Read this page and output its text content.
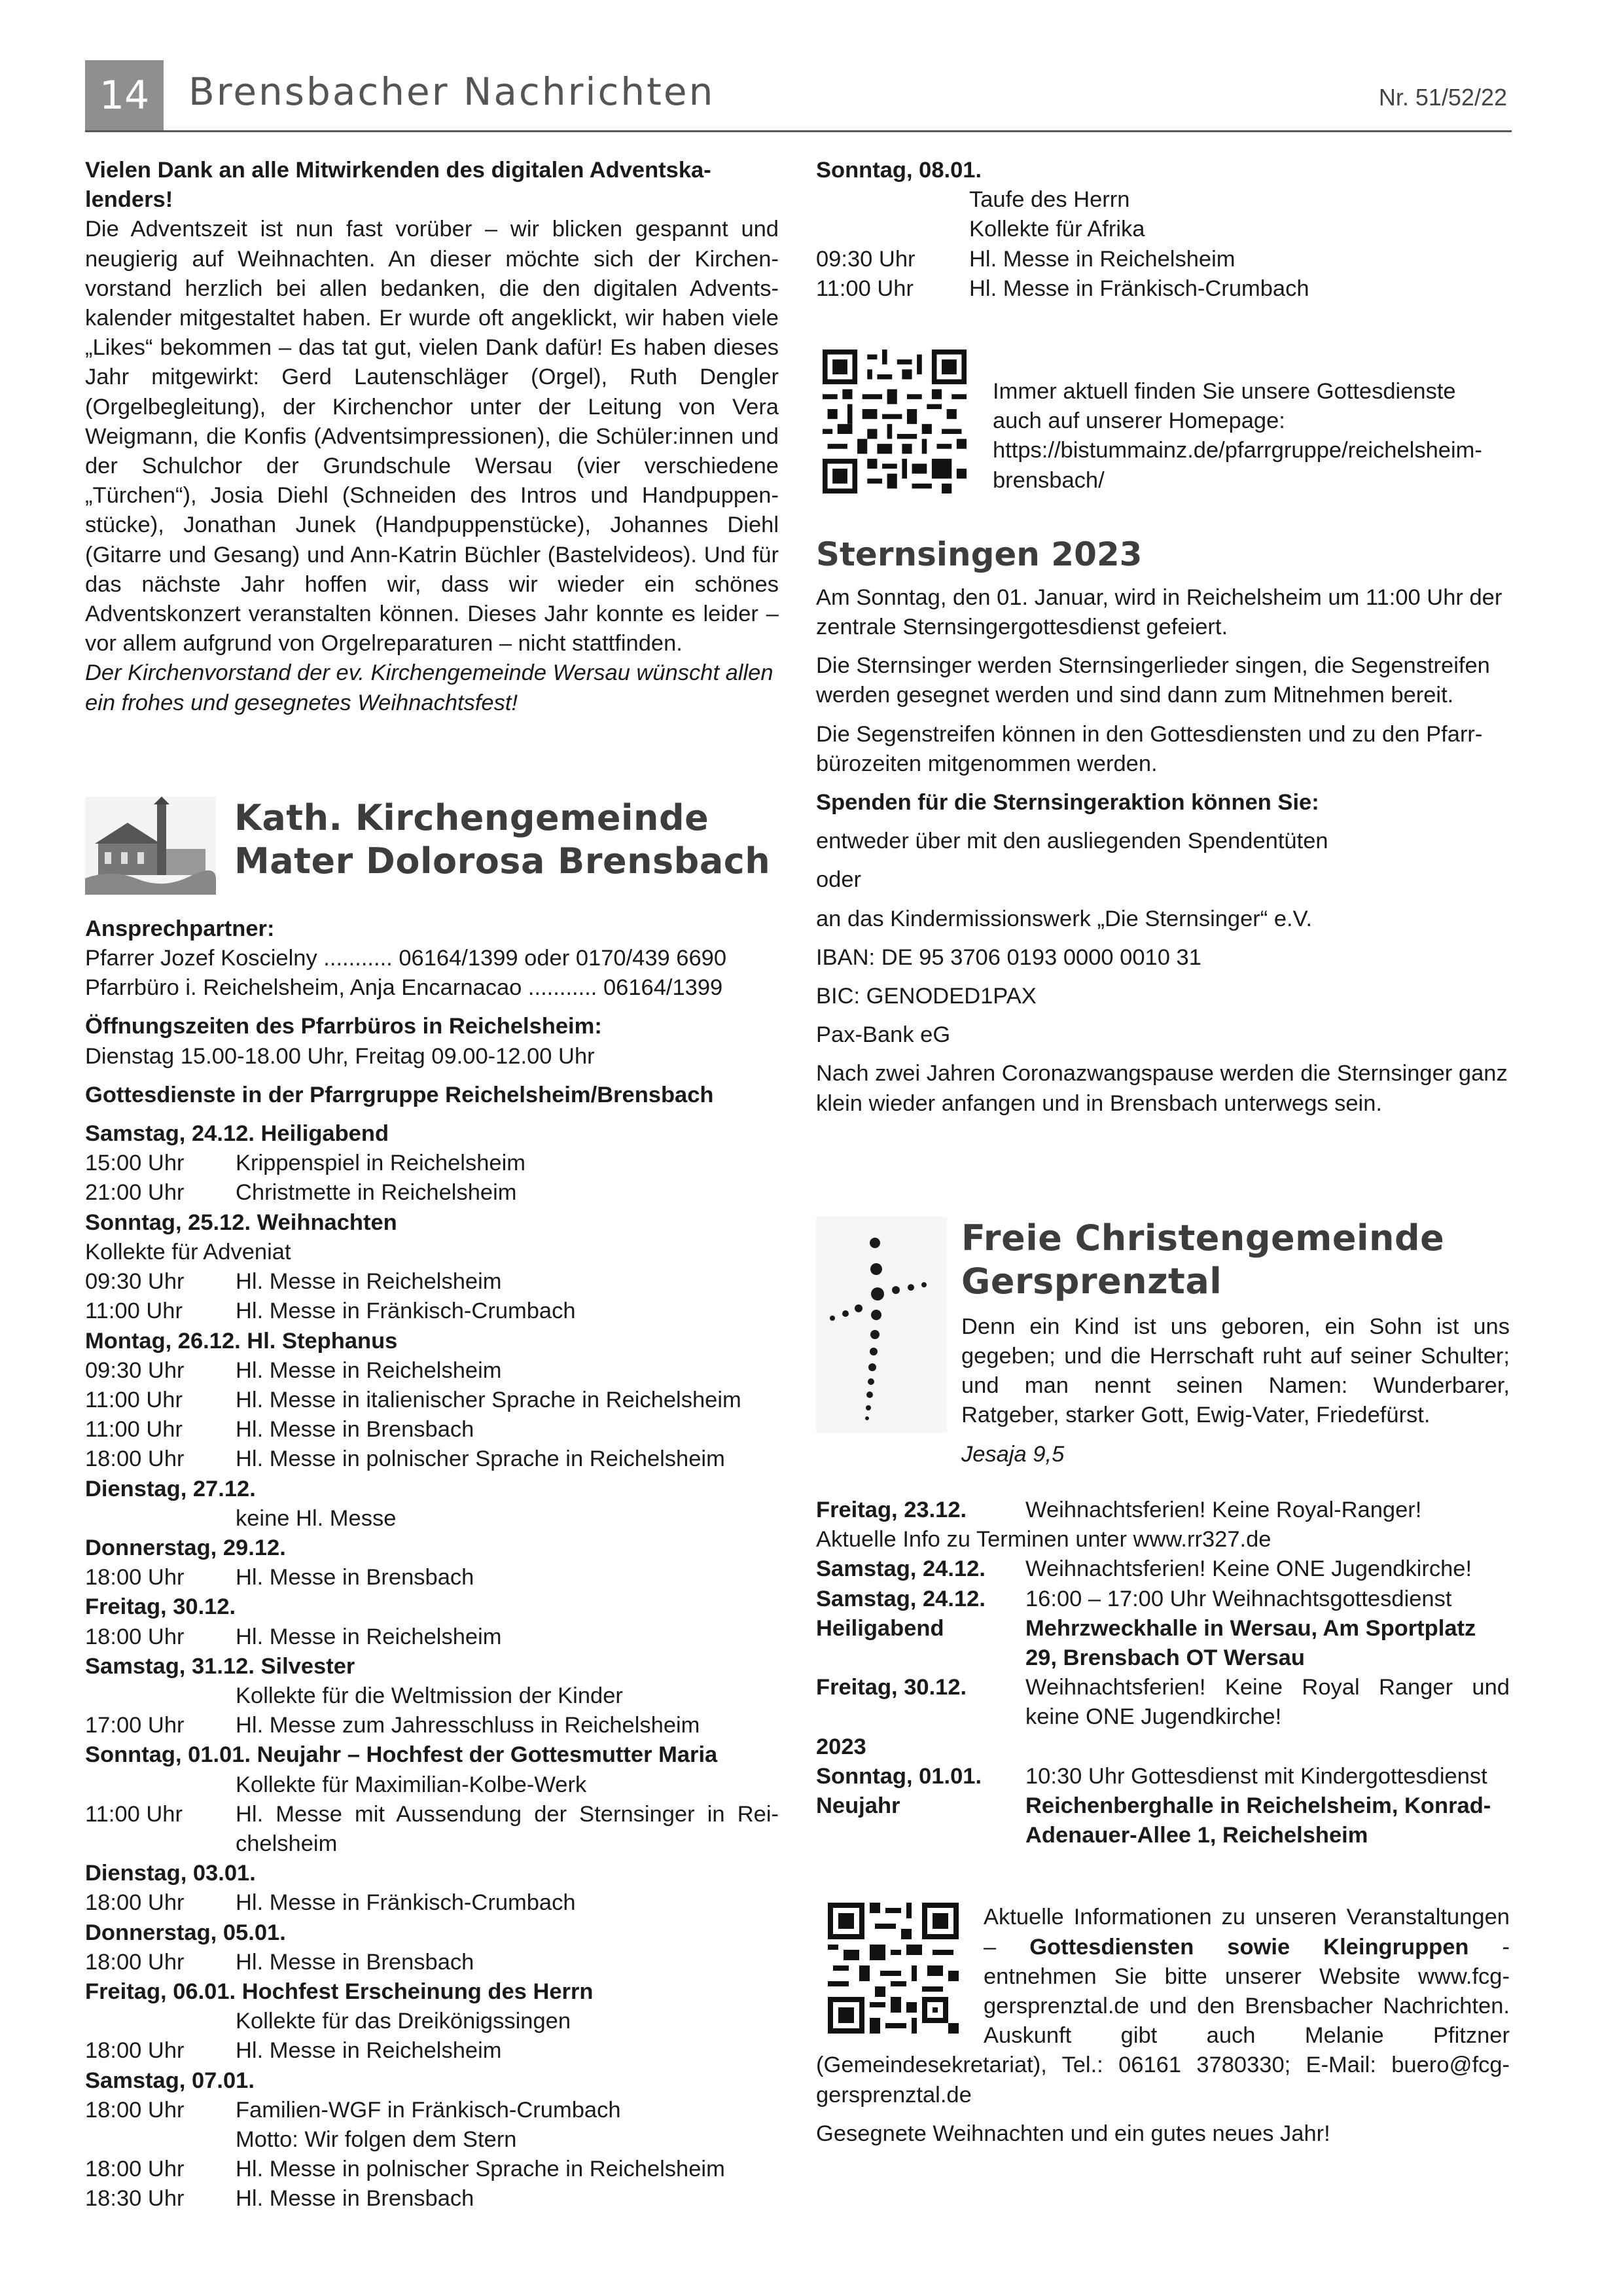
14	Brensbacher Nachrichten	Nr. 51/52/22

Vielen Dank an alle Mitwirkenden des digitalen Adventskalenders!

Die Adventszeit ist nun fast vorüber – wir blicken gespannt und neugierig auf Weihnachten. An dieser möchte sich der Kirchenvorstand herzlich bei allen bedanken, die den digitalen Adventskalender mitgestaltet haben. Er wurde oft angeklickt, wir haben viele „Likes“ bekommen – das tat gut, vielen Dank dafür! Es haben dieses Jahr mitgewirkt: Gerd Lautenschläger (Orgel), Ruth Dengler (Orgelbegleitung), der Kirchenchor unter der Leitung von Vera Weigmann, die Konfis (Adventsimpressionen), die Schüler:innen und der Schulchor der Grundschule Wersau (vier verschiedene „Türchen“), Josia Diehl (Schneiden des Intros und Handpuppenstücke), Jonathan Junek (Handpuppenstücke), Johannes Diehl (Gitarre und Gesang) und Ann-Katrin Büchler (Bastelvideos). Und für das nächste Jahr hoffen wir, dass wir wieder ein schönes Adventskonzert veranstalten können. Dieses Jahr konnte es leider – vor allem aufgrund von Orgelreparaturen – nicht stattfinden.

Der Kirchenvorstand der ev. Kirchengemeinde Wersau wünscht allen ein frohes und gesegnetes Weihnachtsfest!

Kath. Kirchengemeinde
Mater Dolorosa Brensbach

Ansprechpartner:

Pfarrer Jozef Koscielny ........... 06164/1399 oder 0170/439 6690

Pfarrbüro i. Reichelsheim, Anja Encarnacao ........... 06164/1399

Öffnungszeiten des Pfarrbüros in Reichelsheim:

Dienstag 15.00-18.00 Uhr, Freitag 09.00-12.00 Uhr

Gottesdienste in der Pfarrgruppe Reichelsheim/Brensbach

Samstag, 24.12. Heiligabend

15:00 Uhr	Krippenspiel in Reichelsheim
21:00 Uhr	Christmette in Reichelsheim

Sonntag, 25.12. Weihnachten

Kollekte für Adveniat

09:30 Uhr	Hl. Messe in Reichelsheim
11:00 Uhr	Hl. Messe in Fränkisch-Crumbach

Montag, 26.12. Hl. Stephanus

09:30 Uhr	Hl. Messe in Reichelsheim
11:00 Uhr	Hl. Messe in italienischer Sprache in Reichelsheim
11:00 Uhr	Hl. Messe in Brensbach
18:00 Uhr	Hl. Messe in polnischer Sprache in Reichelsheim

Dienstag, 27.12.

keine Hl. Messe

Donnerstag, 29.12.

18:00 Uhr	Hl. Messe in Brensbach

Freitag, 30.12.

18:00 Uhr	Hl. Messe in Reichelsheim

Samstag, 31.12. Silvester

Kollekte für die Weltmission der Kinder

17:00 Uhr	Hl. Messe zum Jahresschluss in Reichelsheim

Sonntag, 01.01. Neujahr – Hochfest der Gottesmutter Maria

Kollekte für Maximilian-Kolbe-Werk

11:00 Uhr	Hl. Messe mit Aussendung der Sternsinger in Reichelsheim

Dienstag, 03.01.

18:00 Uhr	Hl. Messe in Fränkisch-Crumbach

Donnerstag, 05.01.

18:00 Uhr	Hl. Messe in Brensbach

Freitag, 06.01. Hochfest Erscheinung des Herrn

Kollekte für das Dreikönigssingen

18:00 Uhr	Hl. Messe in Reichelsheim

Samstag, 07.01.

18:00 Uhr	Familien-WGF in Fränkisch-Crumbach

Motto: Wir folgen dem Stern

18:00 Uhr	Hl. Messe in polnischer Sprache in Reichelsheim
18:30 Uhr	Hl. Messe in Brensbach

Sonntag, 08.01.

Taufe des Herrn

Kollekte für Afrika

09:30 Uhr	Hl. Messe in Reichelsheim
11:00 Uhr	Hl. Messe in Fränkisch-Crumbach

Immer aktuell finden Sie unsere Gottesdienste auch auf unserer Homepage:

https://bistummainz.de/pfarrgruppe/reichelsheim-brensbach/

Sternsingen 2023

Am Sonntag, den 01. Januar, wird in Reichelsheim um 11:00 Uhr der zentrale Sternsingergottesdienst gefeiert.

Die Sternsinger werden Sternsingerlieder singen, die Segenstreifen werden gesegnet werden und sind dann zum Mitnehmen bereit.

Die Segenstreifen können in den Gottesdiensten und zu den Pfarrbürozeiten mitgenommen werden.

Spenden für die Sternsingeraktion können Sie:

entweder über mit den ausliegenden Spendentüten

oder

an das Kindermissionswerk „Die Sternsinger“ e.V.

IBAN: DE 95 3706 0193 0000 0010 31

BIC: GENODED1PAX

Pax-Bank eG

Nach zwei Jahren Coronazwangspause werden die Sternsinger ganz klein wieder anfangen und in Brensbach unterwegs sein.

Freie Christengemeinde
Gersprenztal

Denn ein Kind ist uns geboren, ein Sohn ist uns gegeben; und die Herrschaft ruht auf seiner Schulter; und man nennt seinen Namen: Wunderbarer, Ratgeber, starker Gott, Ewig-Vater, Friedefürst.

Jesaja 9,5

Freitag, 23.12.	Weihnachtsferien! Keine Royal-Ranger!

Aktuelle Info zu Terminen unter www.rr327.de

Samstag, 24.12.	Weihnachtsferien! Keine ONE Jugendkirche!
Samstag, 24.12.	16:00 – 17:00 Uhr Weihnachtsgottesdienst
Heiligabend	Mehrzweckhalle in Wersau, Am Sportplatz 29, Brensbach OT Wersau
Freitag, 30.12.	Weihnachtsferien! Keine Royal Ranger und keine ONE Jugendkirche!

2023

Sonntag, 01.01.	10:30 Uhr Gottesdienst mit Kindergottesdienst
Neujahr	Reichenberghalle in Reichelsheim, Konrad-Adenauer-Allee 1, Reichelsheim

Aktuelle Informationen zu unseren Veranstaltungen – Gottesdiensten sowie Kleingruppen - entnehmen Sie bitte unserer Website www.fcg-gersprenztal.de und den Brensbacher Nachrichten. Auskunft gibt auch Melanie Pfitzner (Gemeindesekretariat), Tel.: 06161 3780330; E-Mail: buero@fcg-gersprenztal.de

Gesegnete Weihnachten und ein gutes neues Jahr!
